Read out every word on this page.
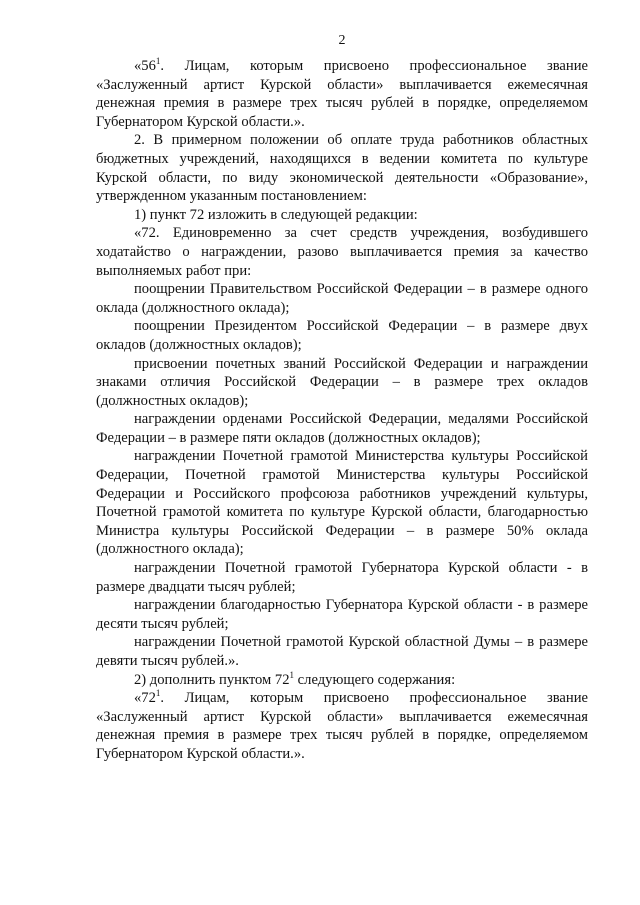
2

«$56^1$. Лицам, которым присвоено профессиональное звание «Заслуженный артист Курской области» выплачивается ежемесячная денежная премия в размере трех тысяч рублей в порядке, определяемом Губернатором Курской области.».

2. В примерном положении об оплате труда работников областных бюджетных учреждений, находящихся в ведении комитета по культуре Курской области, по виду экономической деятельности «Образование», утвержденном указанным постановлением:

1) пункт 72 изложить в следующей редакции:

«72. Единовременно за счет средств учреждения, возбудившего ходатайство о награждении, разово выплачивается премия за качество выполняемых работ при:

поощрении Правительством Российской Федерации – в размере одного оклада (должностного оклада);

поощрении Президентом Российской Федерации – в размере двух окладов (должностных окладов);

присвоении почетных званий Российской Федерации и награждении знаками отличия Российской Федерации – в размере трех окладов (должностных окладов);

награждении орденами Российской Федерации, медалями Российской Федерации – в размере пяти окладов (должностных окладов);

награждении Почетной грамотой Министерства культуры Российской Федерации, Почетной грамотой Министерства культуры Российской Федерации и Российского профсоюза работников учреждений культуры, Почетной грамотой комитета по культуре Курской области, благодарностью Министра культуры Российской Федерации – в размере 50% оклада (должностного оклада);

награждении Почетной грамотой Губернатора Курской области - в размере двадцати тысяч рублей;

награждении благодарностью Губернатора Курской области - в размере десяти тысяч рублей;

награждении Почетной грамотой Курской областной Думы – в размере девяти тысяч рублей.».

2) дополнить пунктом $72^1$ следующего содержания:

«$72^1$. Лицам, которым присвоено профессиональное звание «Заслуженный артист Курской области» выплачивается ежемесячная денежная премия в размере трех тысяч рублей в порядке, определяемом Губернатором Курской области.».
